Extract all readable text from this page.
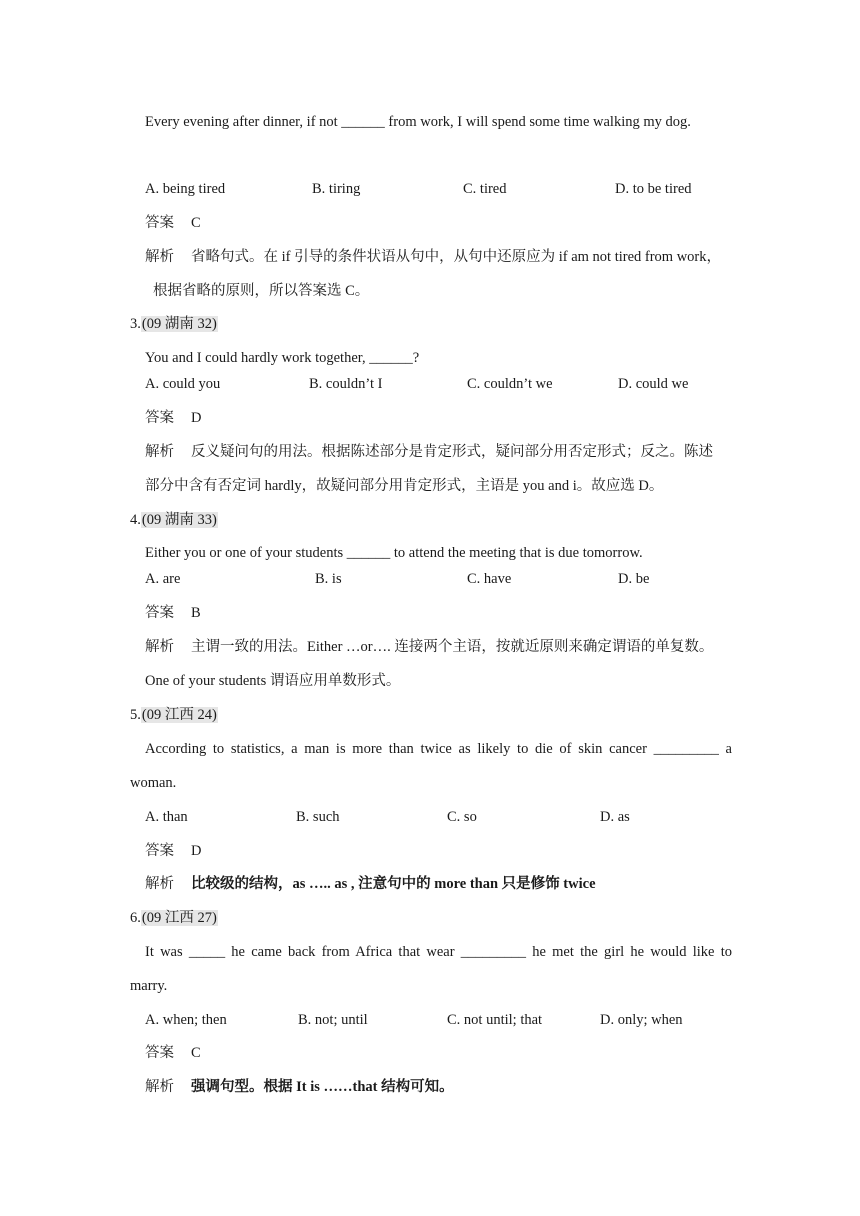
Every evening after dinner, if not ______ from work, I will spend some time walking my dog.
A. being tired	B. tiring	C. tired	D. to be tired
答案 C
解析 省略句式。在 if 引导的条件状语从句中，从句中还原应为 if am not tired from work，
根据省略的原则，所以答案选 C。
3.(09 湖南 32)
You and I could hardly work together, ______?
A. could you	B. couldn’t I	C. couldn’t we	D. could we
答案 D
解析 反义疑问句的用法。根据陈述部分是肯定形式，疑问部分用否定形式；反之。陈述
部分中含有否定词 hardly，故疑问部分用肯定形式，主语是 you and i。故应选 D。
4.(09 湖南 33)
Either you or one of your students ______ to attend the meeting that is due tomorrow.
A. are	B. is	C. have	D. be
答案 B
解析 主谓一致的用法。Either …or…. 连接两个主语，按就近原则来确定谓语的单复数。
One of your students 谓语应用单数形式。
5.(09 江西 24)
According to statistics, a man is more than twice as likely to die of skin cancer _________ a
woman.
A. than	B. such	C. so	D. as
答案 D
解析 比较级的结构，as ….. as , 注意句中的 more than 只是修饰 twice
6.(09 江西 27)
It was _____ he came back from Africa that wear _________ he met the girl he would like to
marry.
A. when; then	B. not; until	C. not until; that	D. only; when
答案 C
解析 强调句型。根据 It is ……that 结构可知。
